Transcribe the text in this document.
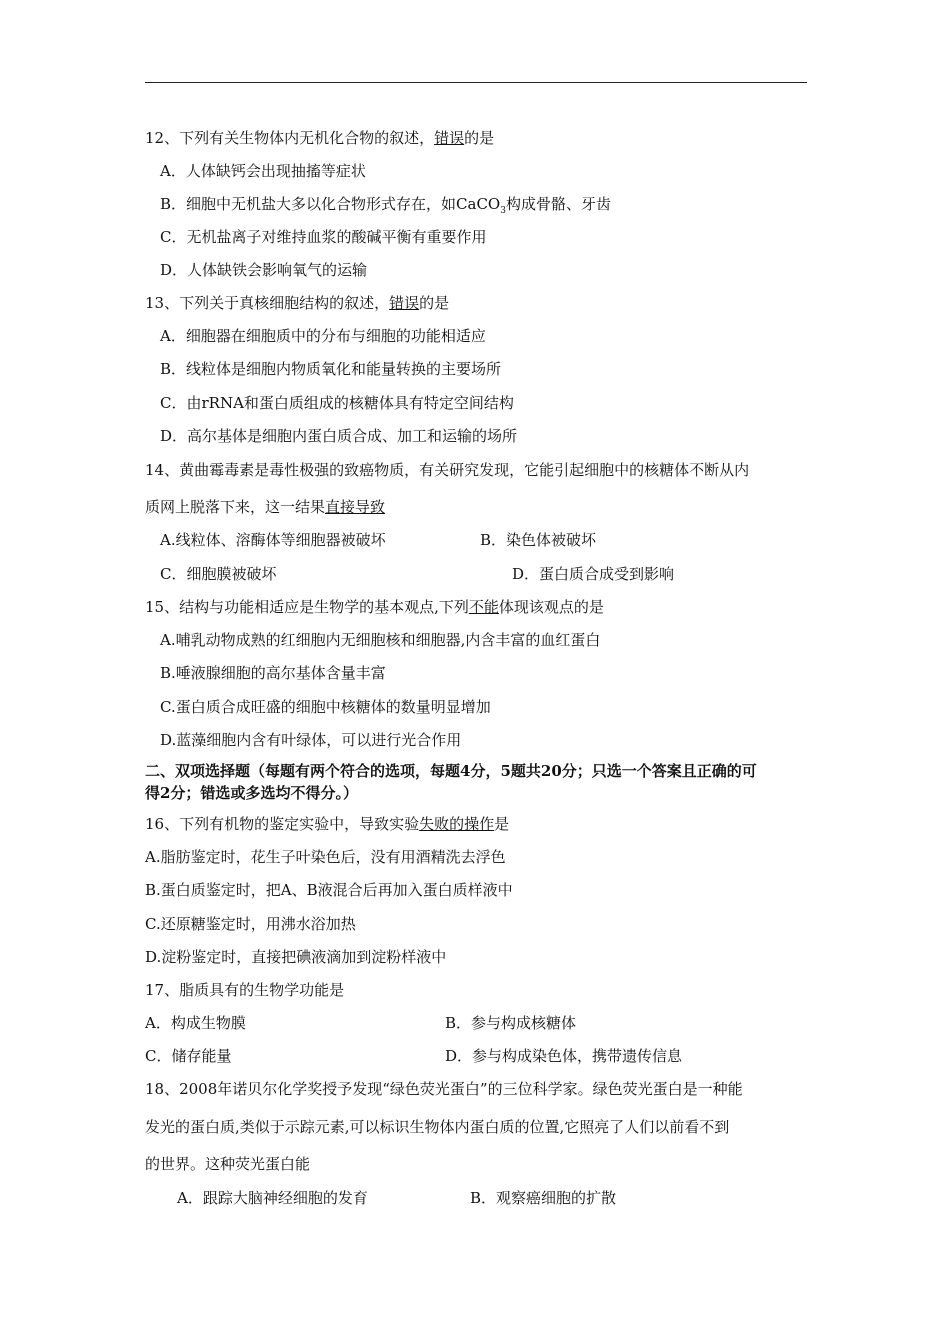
12、下列有关生物体内无机化合物的叙述，错误的是
A．人体缺钙会出现抽搐等症状
B．细胞中无机盐大多以化合物形式存在，如CaCO$_3$构成骨骼、牙齿
C．无机盐离子对维持血浆的酸碱平衡有重要作用
D．人体缺铁会影响氧气的运输
13、下列关于真核细胞结构的叙述，错误的是
A．细胞器在细胞质中的分布与细胞的功能相适应
B．线粒体是细胞内物质氧化和能量转换的主要场所
C．由rRNA和蛋白质组成的核糖体具有特定空间结构
D．高尔基体是细胞内蛋白质合成、加工和运输的场所
14、黄曲霉毒素是毒性极强的致癌物质，有关研究发现，它能引起细胞中的核糖体不断从内
质网上脱落下来，这一结果直接导致
A.线粒体、溶酶体等细胞器被破坏	B．染色体被破坏
C．细胞膜被破坏	D．蛋白质合成受到影响
15、结构与功能相适应是生物学的基本观点,下列不能体现该观点的是
A.哺乳动物成熟的红细胞内无细胞核和细胞器,内含丰富的血红蛋白
B.唾液腺细胞的高尔基体含量丰富
C.蛋白质合成旺盛的细胞中核糖体的数量明显增加
D.蓝藻细胞内含有叶绿体，可以进行光合作用
二、双项选择题（每题有两个符合的选项，每题4分，5题共20分；只选一个答案且正确的可
得2分；错选或多选均不得分。）
16、下列有机物的鉴定实验中，导致实验失败的操作是
A.脂肪鉴定时，花生子叶染色后，没有用酒精洗去浮色
B.蛋白质鉴定时，把A、B液混合后再加入蛋白质样液中
C.还原糖鉴定时，用沸水浴加热
D.淀粉鉴定时，直接把碘液滴加到淀粉样液中
17、脂质具有的生物学功能是
A．构成生物膜	B．参与构成核糖体
C．储存能量	D．参与构成染色体，携带遗传信息
18、2008年诺贝尔化学奖授予发现“绿色荧光蛋白”的三位科学家。绿色荧光蛋白是一种能
发光的蛋白质,类似于示踪元素,可以标识生物体内蛋白质的位置,它照亮了人们以前看不到
的世界。这种荧光蛋白能
A．跟踪大脑神经细胞的发育	B．观察癌细胞的扩散
